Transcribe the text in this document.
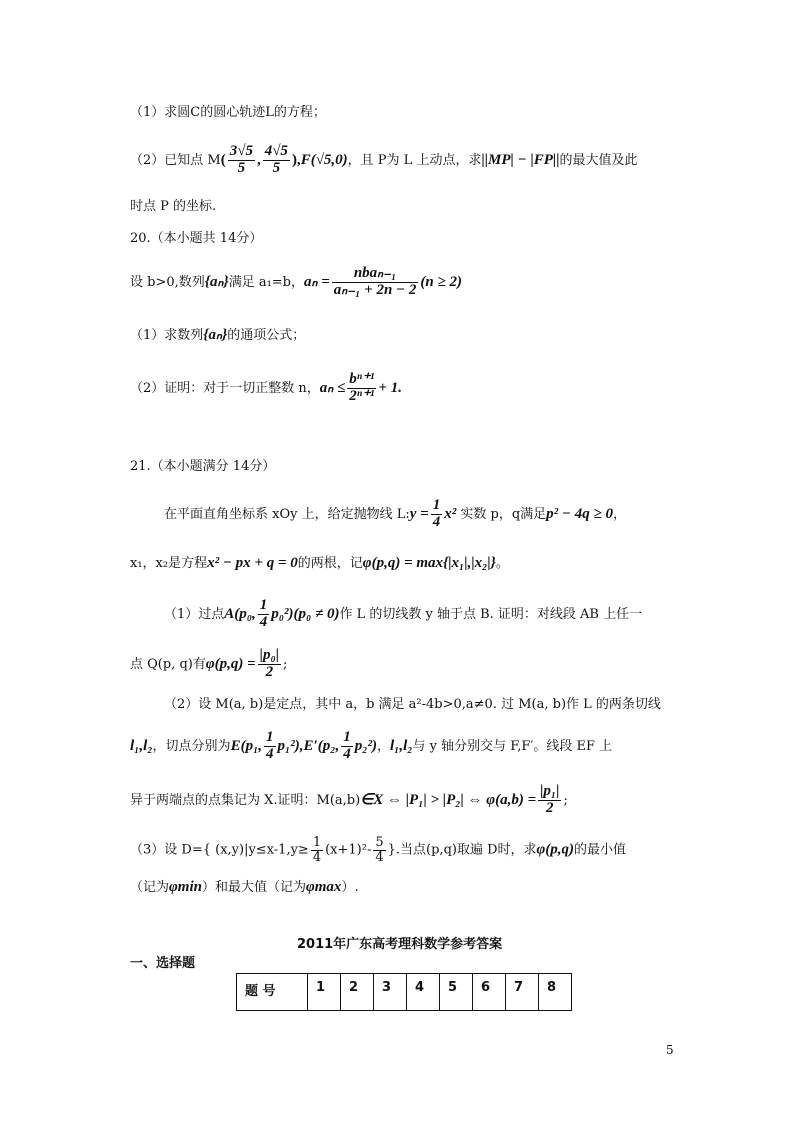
（1）求圆C的圆心轨迹L的方程；
（2）已知点 $M( \frac{3√5}{5}$ , $\frac{4√5}{5} ),F(√5,0)$，且 P为 L 上动点，求||MP| − |FP||的最大值及此
时点 P 的坐标.
20.（本小题共 14分）
设 b>0,数列{aₙ}满足 a₁=b，$a_n = \frac{\text{nbaₙ₋₁}}{\text{aₙ₋₁ + 2n − 2}} (n \ge 2)$
（1）求数列{aₙ}的通项公式；
（2）证明：对于一切正整数 n，$a_n \le \frac{\text{bⁿ⁺¹}}{\text{2ⁿ⁺¹}} + 1$.
21.（本小题满分 14分）
在平面直角坐标系 xOy 上，给定抛物线 L:y = $\frac{1}{4} x^2$ 实数 p，q满足p² − 4q ≥ 0，
x₁，x₂是方程x² − px + q = 0的两根，记φ(p,q) = max{|x₁|,|x₂|}。
（1）过点A(p₀, $\frac{1}{4} p_0^2)(p_0 \ne 0)$作 L 的切线教 y 轴于点 B. 证明：对线段 AB 上任一
点 Q(p, q)有$\varphi(p,q) = \frac{\text{|p₀|}}{2}$ ;
（2）设 M(a, b)是定点，其中 a，b 满足 a²-4b>0,a≠0. 过 M(a, b)作 L 的两条切线
l₁,l₂，切点分别为E(p₁, $\frac{1}{4} p_1^2),E'(p_2$, $\frac{1}{4} p_2^2$)，l₁,l₂与 y 轴分别交与 F,F′。线段 EF 上
异于两端点的点集记为 X.证明：M(a,b)∈X ⇔ |P₁| > |P₂| ⇔ $\varphi(a,b) = \frac{\text{|p₁|}}{2}$ ;
（3）设 D={ $(x,y)|y\le x-1,y\ge \frac{1}{4} (x+1)^2- \frac{5}{4}$ }.当点(p,q)取遍 D时，求φ(p,q)的最小值
（记为φmin）和最大值（记为φmax）.
2011年广东高考理科数学参考答案
一、选择题
题 号	1	2	3	4	5	6	7	8
5
